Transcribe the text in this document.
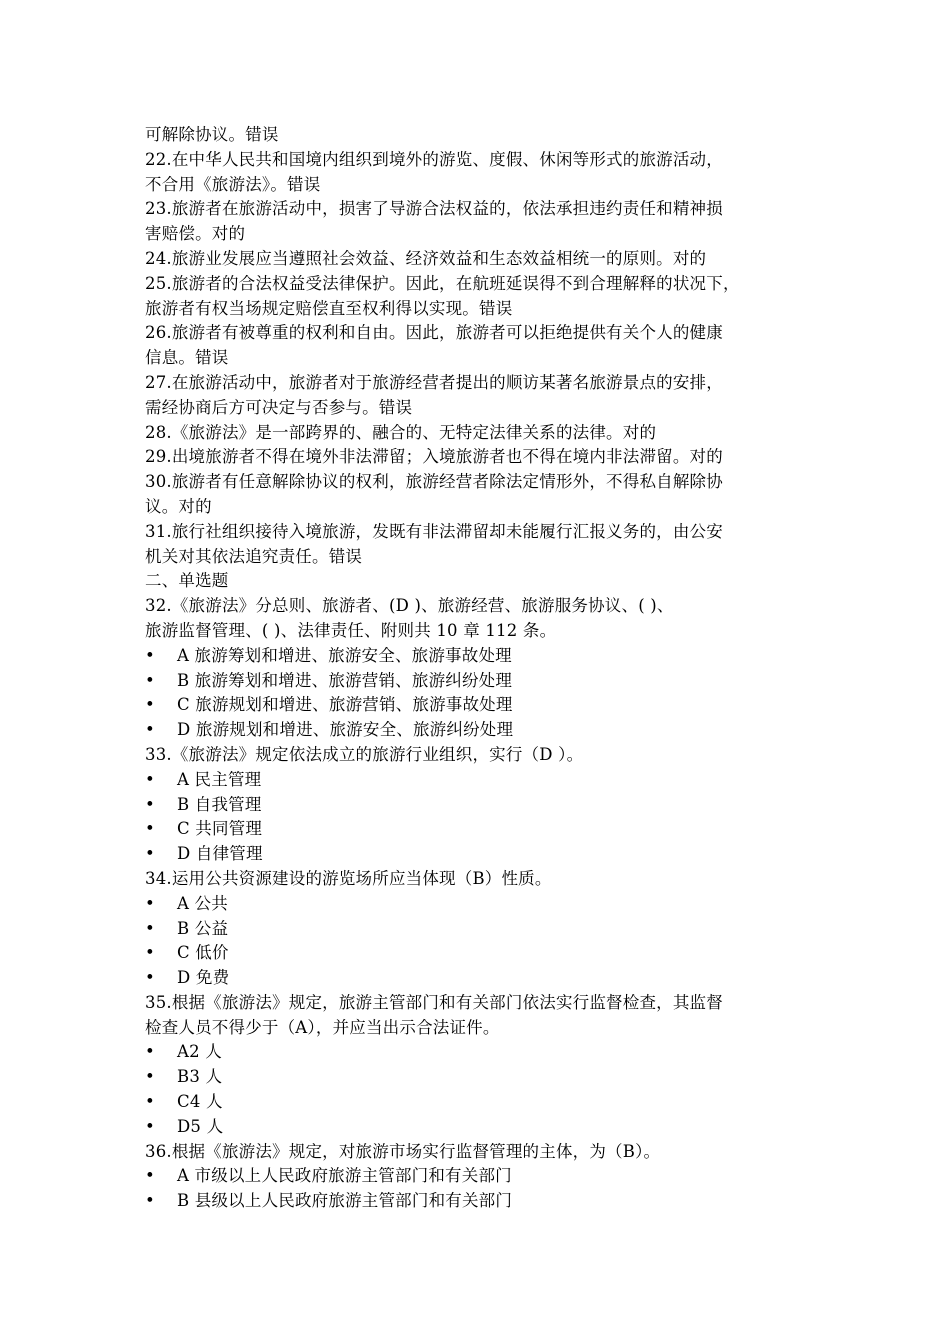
可解除协议。错误
22.在中华人民共和国境内组织到境外的游览、度假、休闲等形式的旅游活动，
不合用《旅游法》。错误
23.旅游者在旅游活动中，损害了导游合法权益的，依法承担违约责任和精神损
害赔偿。对的
24.旅游业发展应当遵照社会效益、经济效益和生态效益相统一的原则。对的
25.旅游者的合法权益受法律保护。因此，在航班延误得不到合理解释的状况下，
旅游者有权当场规定赔偿直至权利得以实现。错误
26.旅游者有被尊重的权利和自由。因此，旅游者可以拒绝提供有关个人的健康
信息。错误
27.在旅游活动中，旅游者对于旅游经营者提出的顺访某著名旅游景点的安排，
需经协商后方可决定与否参与。错误
28.《旅游法》是一部跨界的、融合的、无特定法律关系的法律。对的
29.出境旅游者不得在境外非法滞留；入境旅游者也不得在境内非法滞留。对的
30.旅游者有任意解除协议的权利，旅游经营者除法定情形外，不得私自解除协
议。对的
31.旅行社组织接待入境旅游，发既有非法滞留却未能履行汇报义务的，由公安
机关对其依法追究责任。错误
二、单选题
32.《旅游法》分总则、旅游者、(D )、旅游经营、旅游服务协议、( )、
旅游监督管理、( )、法律责任、附则共 10 章 112 条。
•	A 旅游筹划和增进、旅游安全、旅游事故处理
•	B 旅游筹划和增进、旅游营销、旅游纠纷处理
•	C 旅游规划和增进、旅游营销、旅游事故处理
•	D 旅游规划和增进、旅游安全、旅游纠纷处理
33.《旅游法》规定依法成立的旅游行业组织，实行（D ）。
•	A 民主管理
•	B 自我管理
•	C 共同管理
•	D 自律管理
34.运用公共资源建设的游览场所应当体现（B）性质。
•	A 公共
•	B 公益
•	C 低价
•	D 免费
35.根据《旅游法》规定，旅游主管部门和有关部门依法实行监督检查，其监督
检查人员不得少于（A），并应当出示合法证件。
•	A2 人
•	B3 人
•	C4 人
•	D5 人
36.根据《旅游法》规定，对旅游市场实行监督管理的主体，为（B）。
•	A 市级以上人民政府旅游主管部门和有关部门
•	B 县级以上人民政府旅游主管部门和有关部门
